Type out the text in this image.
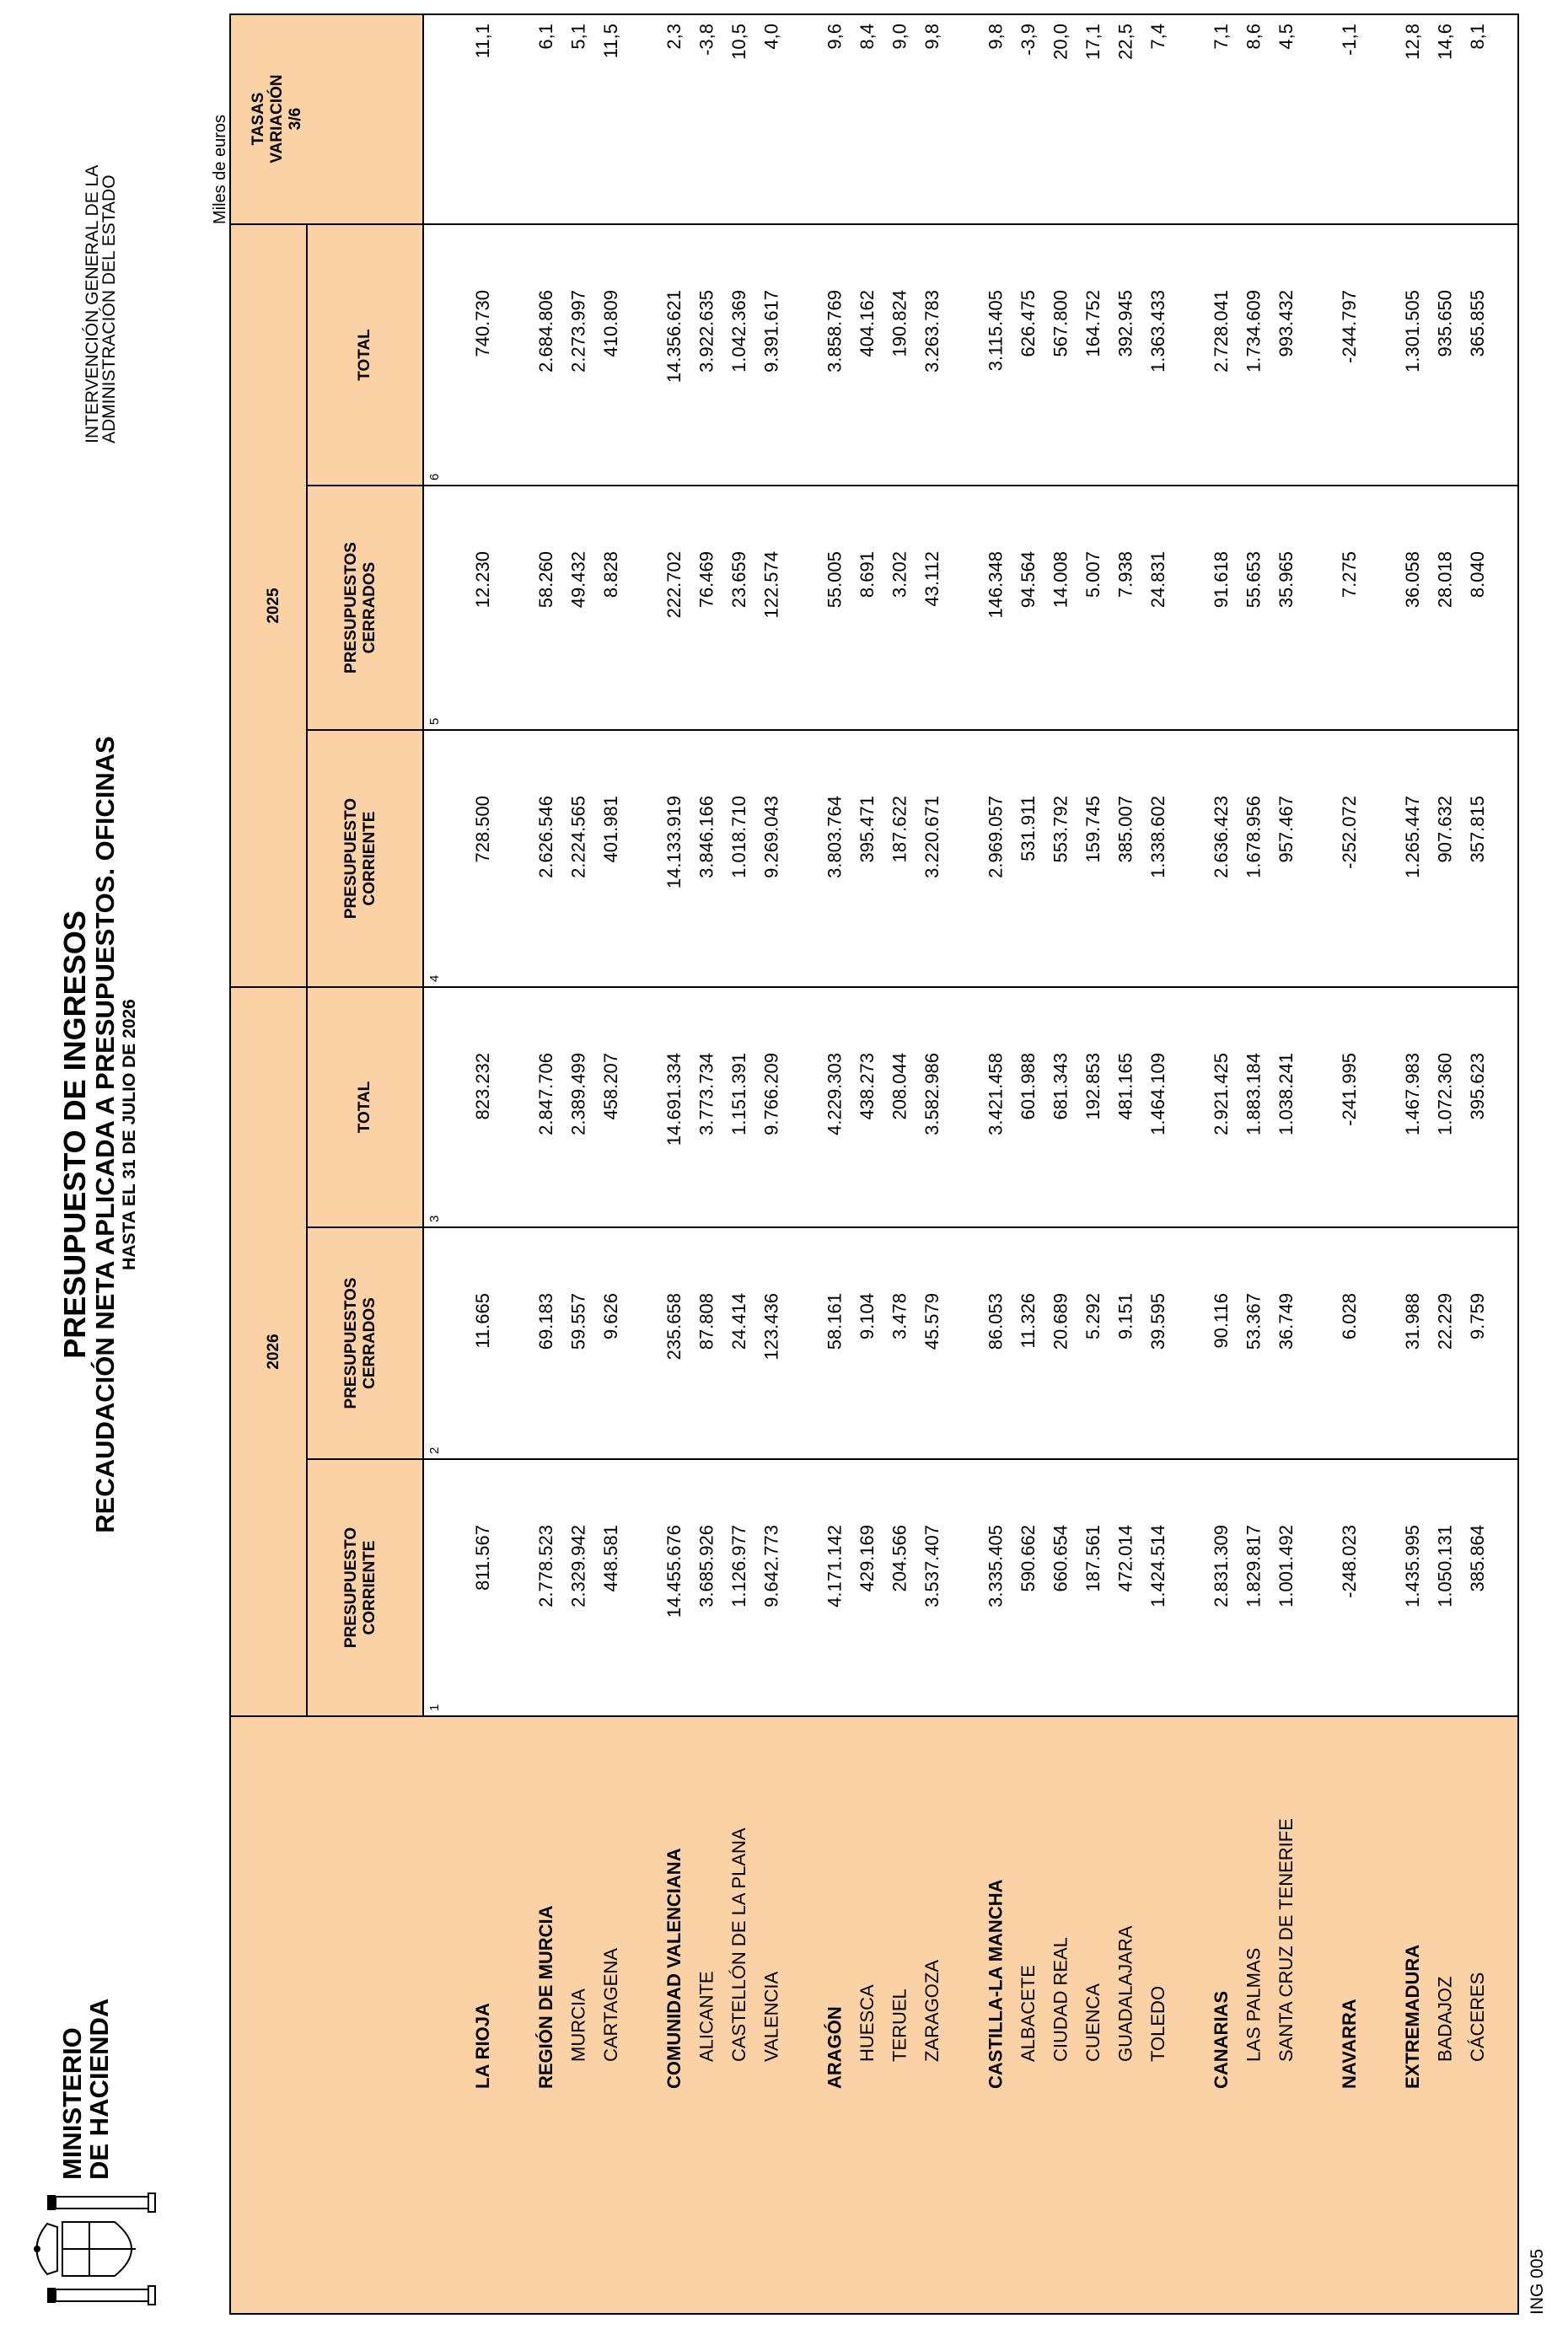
MINISTERIO
DE HACIENDA
PRESUPUESTO DE INGRESOS
RECAUDACIÓN NETA APLICADA A PRESUPUESTOS. OFICINAS HASTA EL 31 DE JULIO DE 2026
INTERVENCIÓN GENERAL DE LA
ADMINISTRACIÓN DEL ESTADO
Miles de euros
2026
2025
PRESUPUESTO CORRIENTE
1
PRESUPUESTOS CERRADOS
2
TOTAL
3
PRESUPUESTO CORRIENTE
4
PRESUPUESTOS CERRADOS
5
TOTAL
6
TASAS VARIACIÓN 3/6
LA RIOJA
811.567
11.665
823.232
728.500
12.230
740.730
11,1
REGIÓN DE MURCIA
2.778.523
69.183
2.847.706
2.626.546
58.260
2.684.806
6,1
MURCIA
2.329.942
59.557
2.389.499
2.224.565
49.432
2.273.997
5,1
CARTAGENA
448.581
9.626
458.207
401.981
8.828
410.809
11,5
COMUNIDAD VALENCIANA
14.455.676
235.658
14.691.334
14.133.919
222.702
14.356.621
2,3
ALICANTE
3.685.926
87.808
3.773.734
3.846.166
76.469
3.922.635
-3,8
CASTELLÓN DE LA PLANA
1.126.977
24.414
1.151.391
1.018.710
23.659
1.042.369
10,5
VALENCIA
9.642.773
123.436
9.766.209
9.269.043
122.574
9.391.617
4,0
ARAGÓN
4.171.142
58.161
4.229.303
3.803.764
55.005
3.858.769
9,6
HUESCA
429.169
9.104
438.273
395.471
8.691
404.162
8,4
TERUEL
204.566
3.478
208.044
187.622
3.202
190.824
9,0
ZARAGOZA
3.537.407
45.579
3.582.986
3.220.671
43.112
3.263.783
9,8
CASTILLA-LA MANCHA
3.335.405
86.053
3.421.458
2.969.057
146.348
3.115.405
9,8
ALBACETE
590.662
11.326
601.988
531.911
94.564
626.475
-3,9
CIUDAD REAL
660.654
20.689
681.343
553.792
14.008
567.800
20,0
CUENCA
187.561
5.292
192.853
159.745
5.007
164.752
17,1
GUADALAJARA
472.014
9.151
481.165
385.007
7.938
392.945
22,5
TOLEDO
1.424.514
39.595
1.464.109
1.338.602
24.831
1.363.433
7,4
CANARIAS
2.831.309
90.116
2.921.425
2.636.423
91.618
2.728.041
7,1
LAS PALMAS
1.829.817
53.367
1.883.184
1.678.956
55.653
1.734.609
8,6
SANTA CRUZ DE TENERIFE
1.001.492
36.749
1.038.241
957.467
35.965
993.432
4,5
NAVARRA
-248.023
6.028
-241.995
-252.072
7.275
-244.797
-1,1
EXTREMADURA
1.435.995
31.988
1.467.983
1.265.447
36.058
1.301.505
12,8
BADAJOZ
1.050.131
22.229
1.072.360
907.632
28.018
935.650
14,6
CÁCERES
385.864
9.759
395.623
357.815
8.040
365.855
8,1
ING 005
